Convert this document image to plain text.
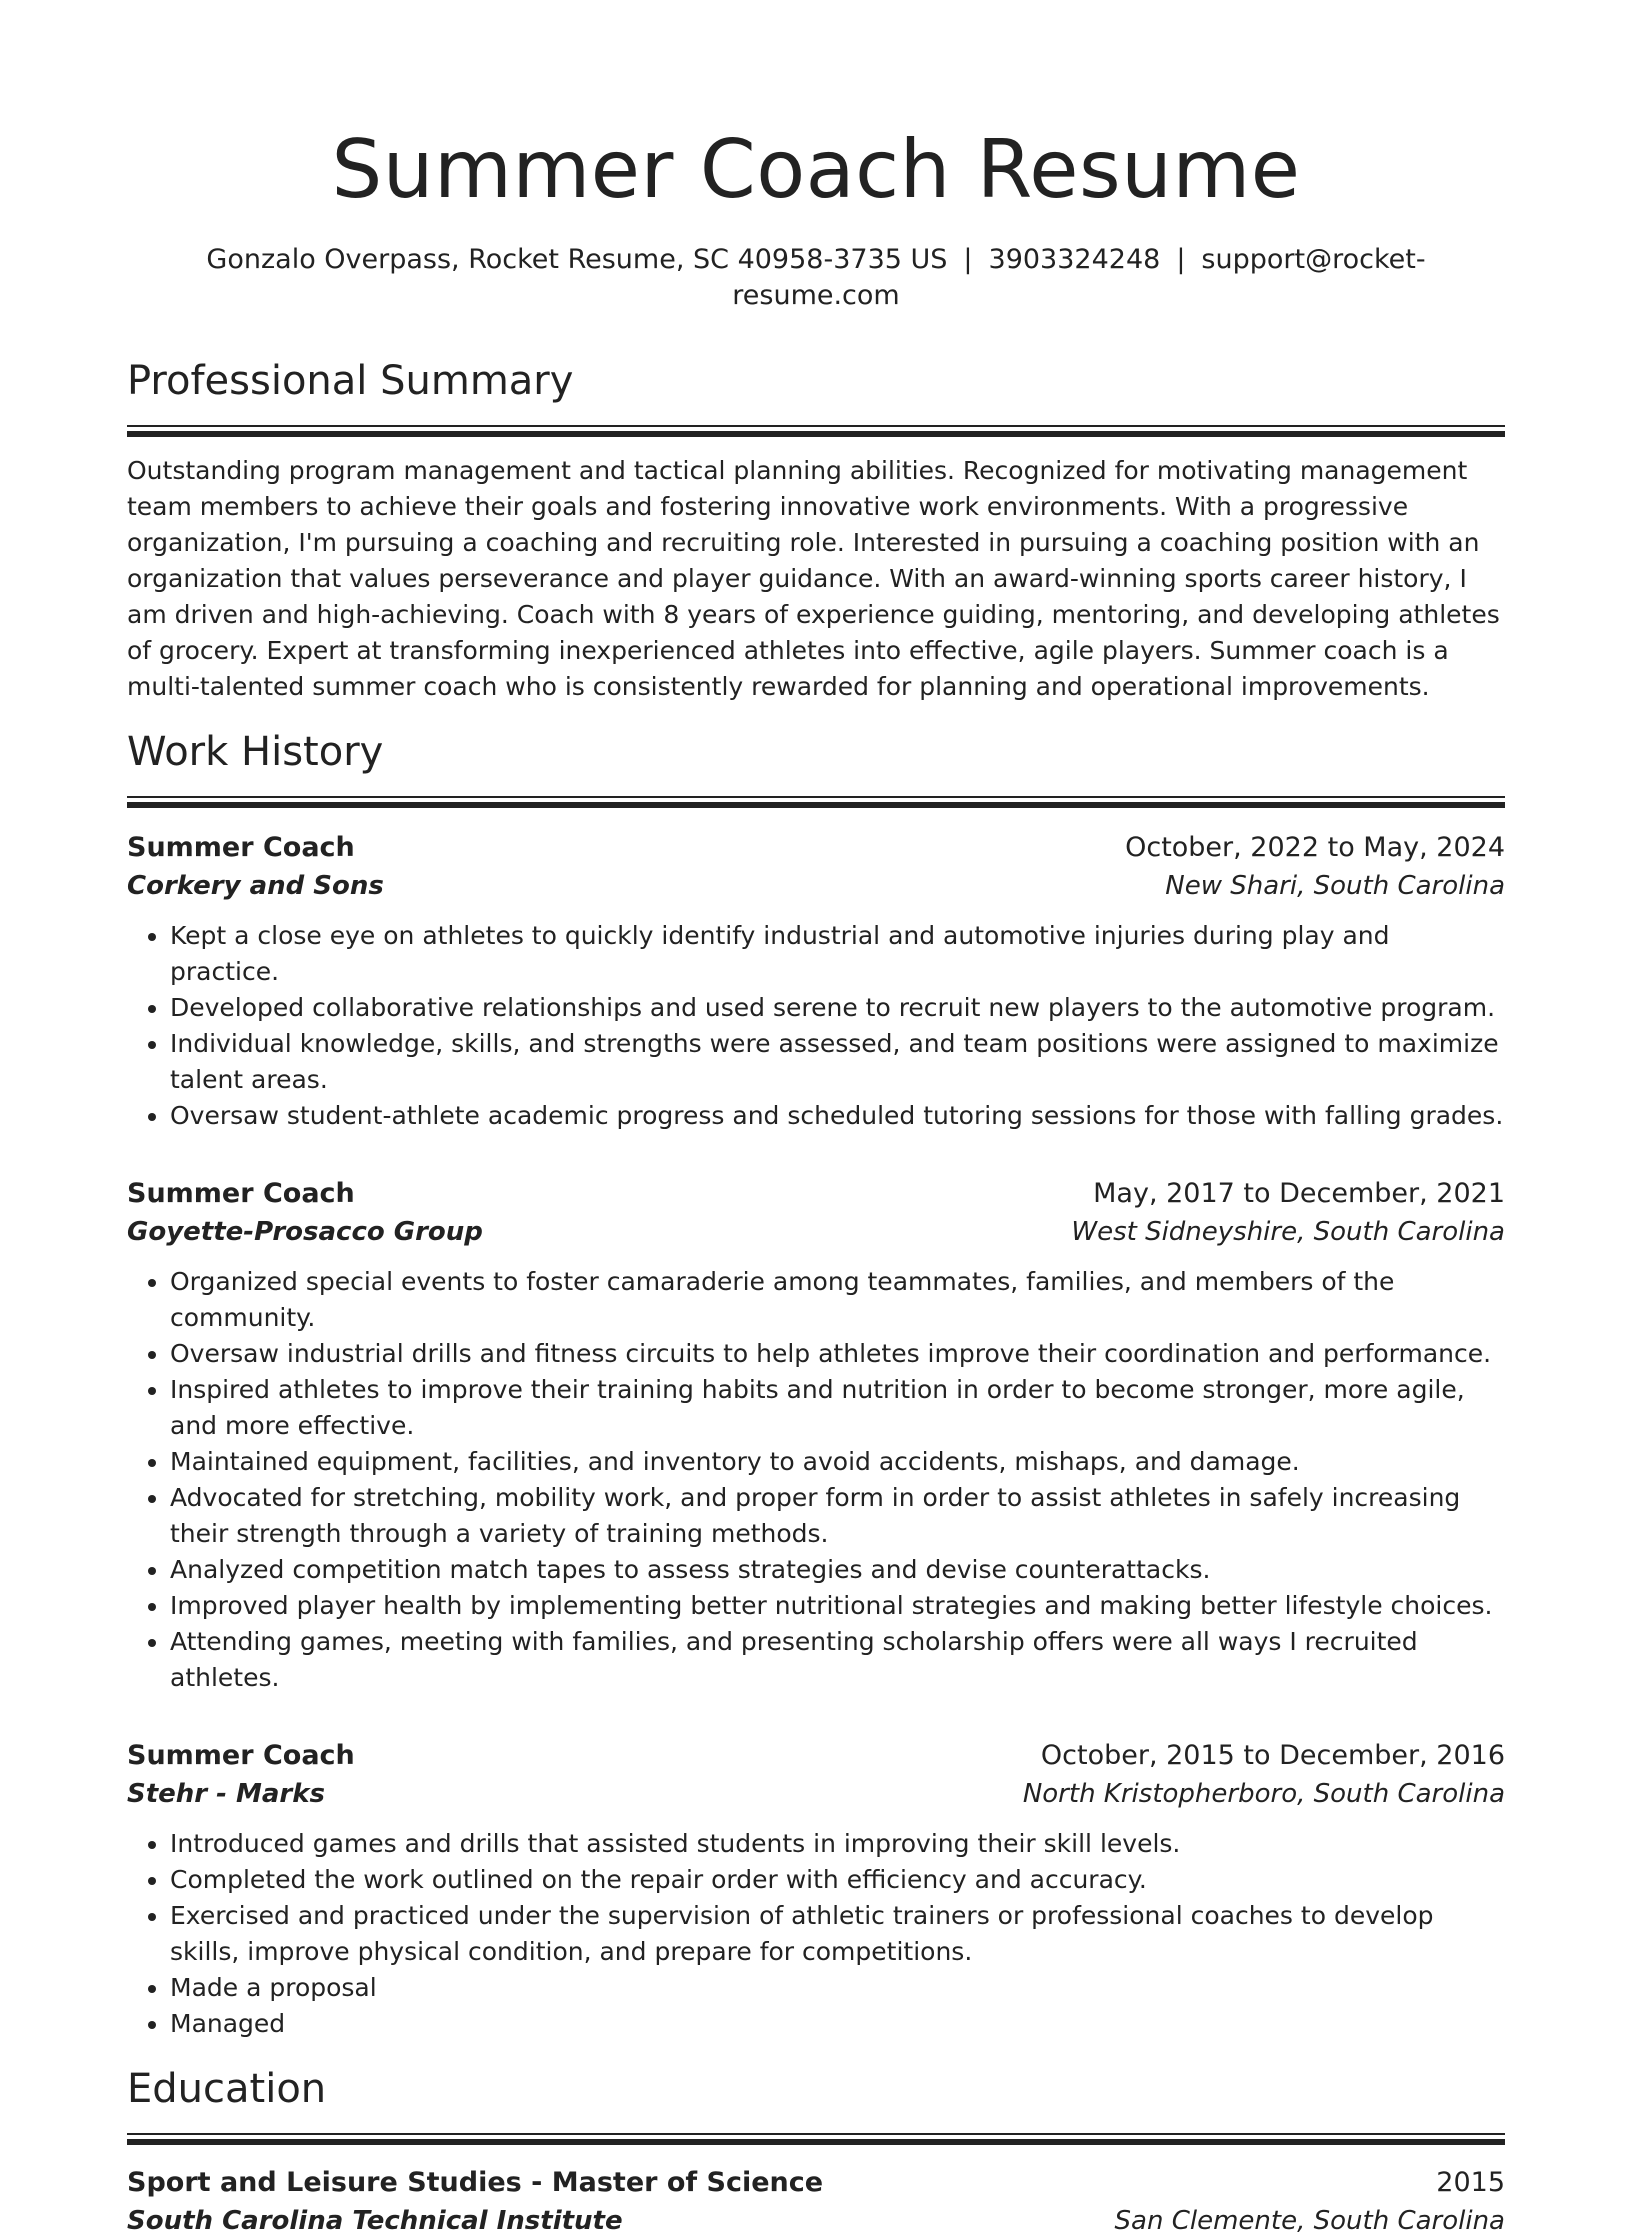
Summer Coach Resume
Gonzalo Overpass, Rocket Resume, SC 40958-3735 US | 3903324248 | support@rocket-resume.com
Professional Summary

Outstanding program management and tactical planning abilities. Recognized for motivating management team members to achieve their goals and fostering innovative work environments. With a progressive organization, I'm pursuing a coaching and recruiting role. Interested in pursuing a coaching position with an organization that values perseverance and player guidance. With an award-winning sports career history, I am driven and high-achieving. Coach with 8 years of experience guiding, mentoring, and developing athletes of grocery. Expert at transforming inexperienced athletes into effective, agile players. Summer coach is a multi-talented summer coach who is consistently rewarded for planning and operational improvements.

Work History
Summer Coach	October, 2022 to May, 2024
Corkery and Sons	New Shari, South Carolina
• Kept a close eye on athletes to quickly identify industrial and automotive injuries during play and practice.
• Developed collaborative relationships and used serene to recruit new players to the automotive program.
• Individual knowledge, skills, and strengths were assessed, and team positions were assigned to maximize talent areas.
• Oversaw student-athlete academic progress and scheduled tutoring sessions for those with falling grades.
Summer Coach	May, 2017 to December, 2021
Goyette-Prosacco Group	West Sidneyshire, South Carolina
• Organized special events to foster camaraderie among teammates, families, and members of the community.
• Oversaw industrial drills and fitness circuits to help athletes improve their coordination and performance.
• Inspired athletes to improve their training habits and nutrition in order to become stronger, more agile, and more effective.
• Maintained equipment, facilities, and inventory to avoid accidents, mishaps, and damage.
• Advocated for stretching, mobility work, and proper form in order to assist athletes in safely increasing their strength through a variety of training methods.
• Analyzed competition match tapes to assess strategies and devise counterattacks.
• Improved player health by implementing better nutritional strategies and making better lifestyle choices.
• Attending games, meeting with families, and presenting scholarship offers were all ways I recruited athletes.
Summer Coach	October, 2015 to December, 2016
Stehr - Marks	North Kristopherboro, South Carolina
• Introduced games and drills that assisted students in improving their skill levels.
• Completed the work outlined on the repair order with efficiency and accuracy.
• Exercised and practiced under the supervision of athletic trainers or professional coaches to develop skills, improve physical condition, and prepare for competitions.
• Made a proposal
• Managed
Education
Sport and Leisure Studies - Master of Science	2015
South Carolina Technical Institute	San Clemente, South Carolina
